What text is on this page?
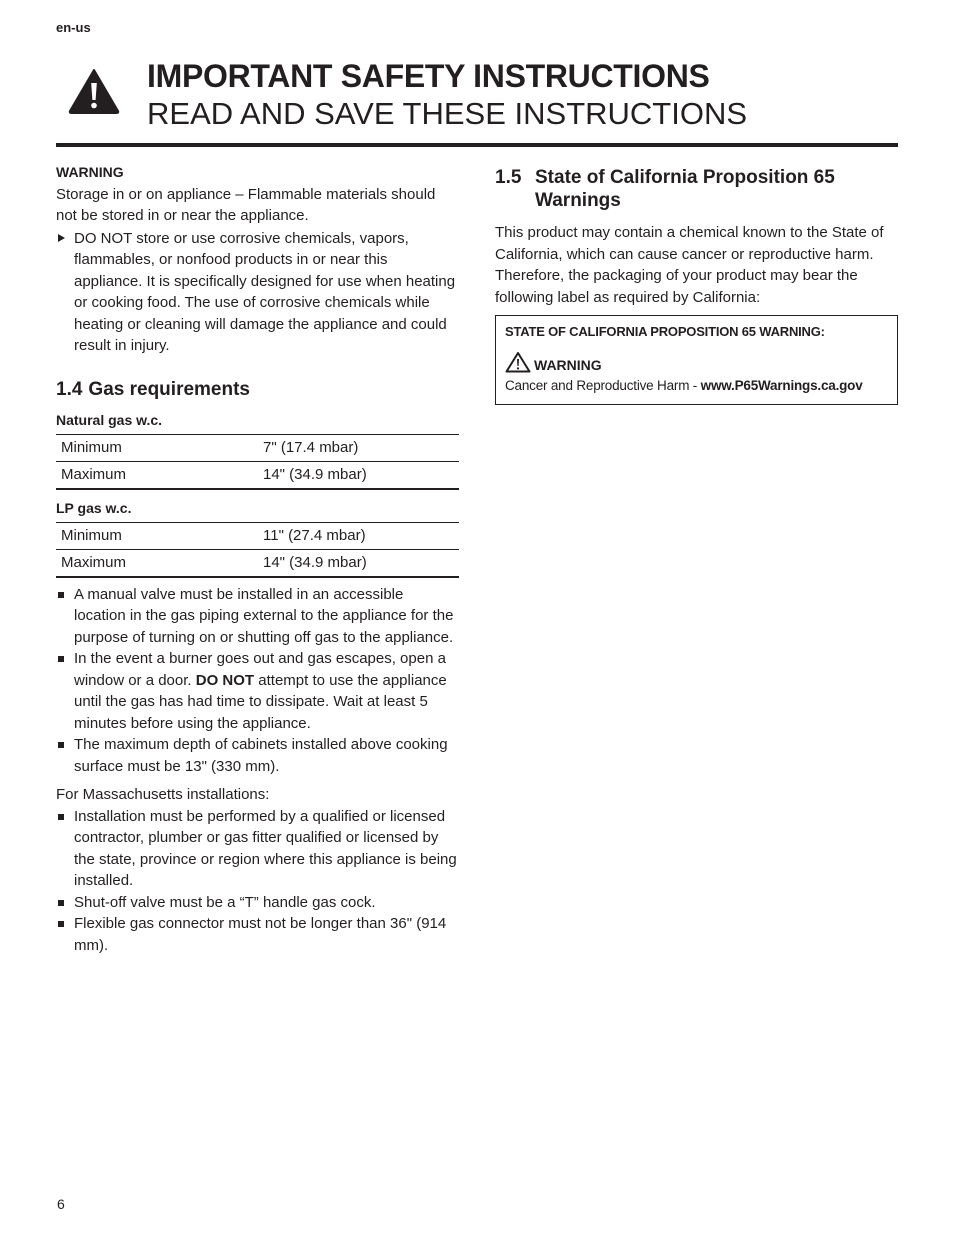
en-us
IMPORTANT SAFETY INSTRUCTIONS
READ AND SAVE THESE INSTRUCTIONS

WARNING

Storage in or on appliance – Flammable materials should not be stored in or near the appliance.

DO NOT store or use corrosive chemicals, vapors, flammables, or nonfood products in or near this appliance. It is specifically designed for use when heating or cooking food. The use of corrosive chemicals while heating or cleaning will damage the appliance and could result in injury.
1.4 Gas requirements
Natural gas w.c.
Minimum	7" (17.4 mbar)
Maximum	14" (34.9 mbar)
LP gas w.c.
Minimum	11" (27.4 mbar)
Maximum	14" (34.9 mbar)
A manual valve must be installed in an accessible location in the gas piping external to the appliance for the purpose of turning on or shutting off gas to the appliance.
In the event a burner goes out and gas escapes, open a window or a door. DO NOT attempt to use the appliance until the gas has had time to dissipate. Wait at least 5 minutes before using the appliance.
The maximum depth of cabinets installed above cooking surface must be 13" (330 mm).

For Massachusetts installations:

Installation must be performed by a qualified or licensed contractor, plumber or gas fitter qualified or licensed by the state, province or region where this appliance is being installed.
Shut-off valve must be a “T” handle gas cock.
Flexible gas connector must not be longer than 36" (914 mm).
1.5 State of California Proposition 65 Warnings

This product may contain a chemical known to the State of California, which can cause cancer or reproductive harm. Therefore, the packaging of your product may bear the following label as required by California:

STATE OF CALIFORNIA PROPOSITION 65 WARNING:
WARNING
Cancer and Reproductive Harm - www.P65Warnings.ca.gov
6
